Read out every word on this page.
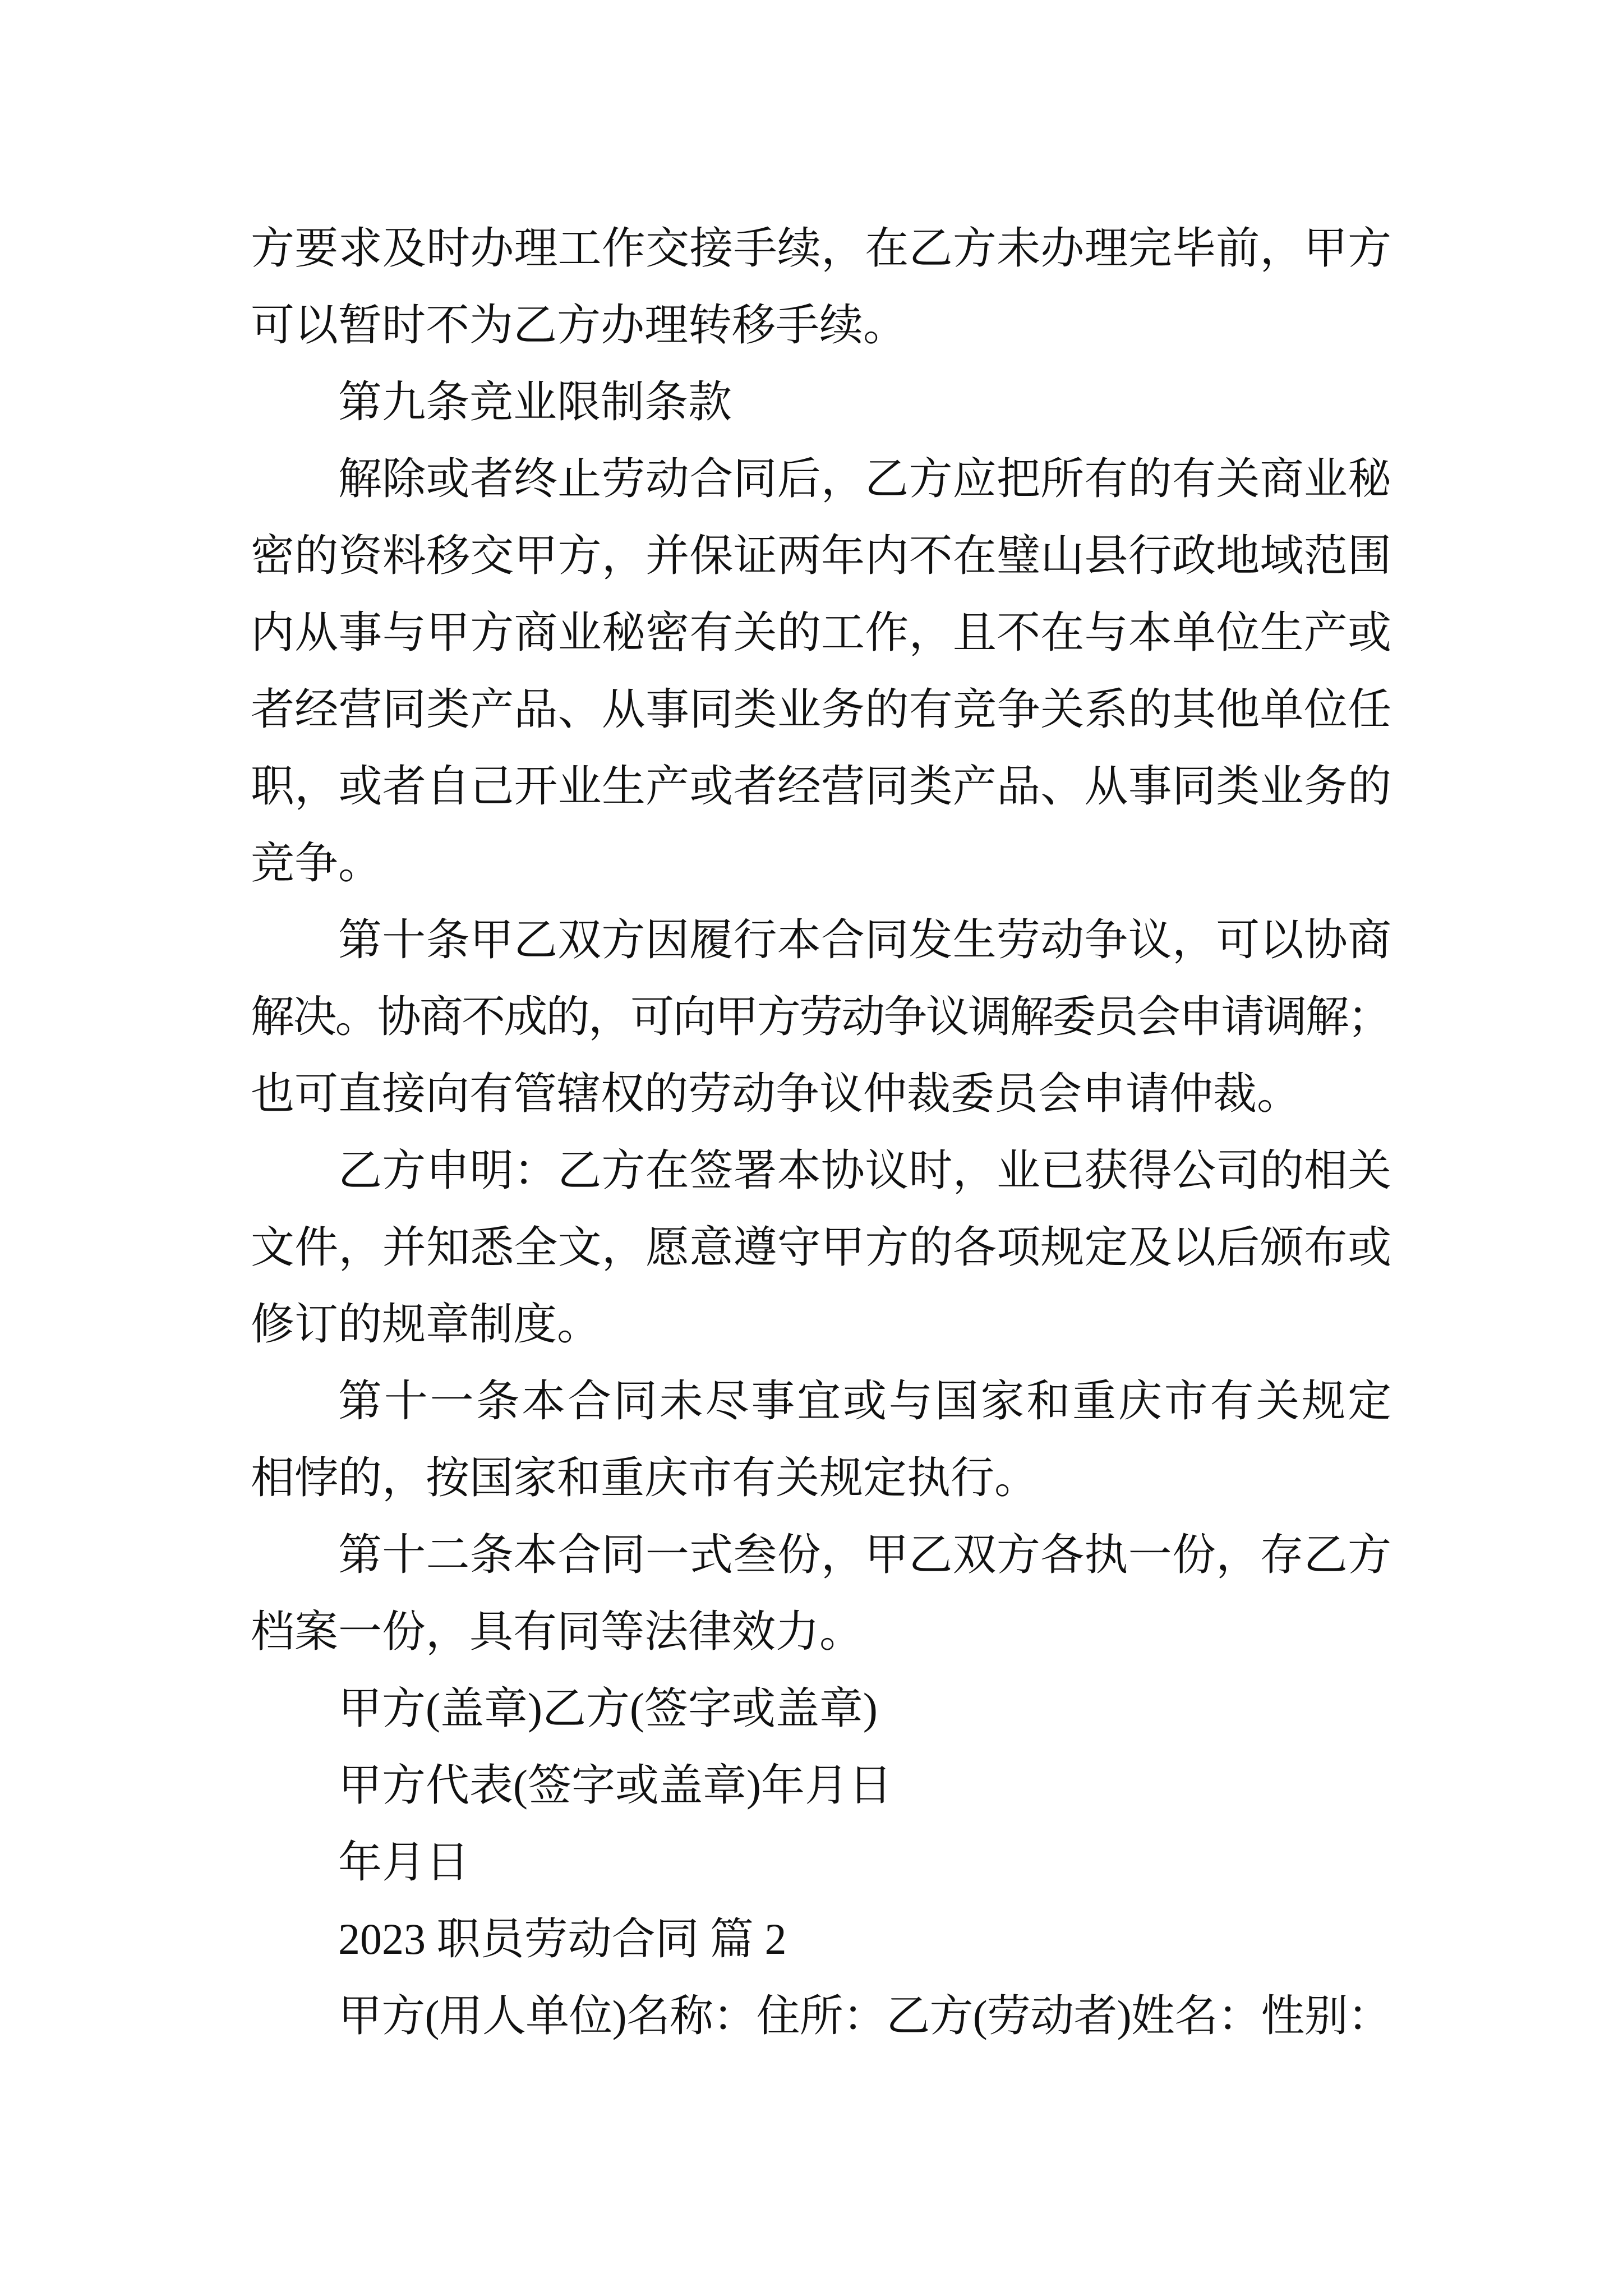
方要求及时办理工作交接手续，在乙方未办理完毕前，甲方
可以暂时不为乙方办理转移手续。

第九条竞业限制条款

解除或者终止劳动合同后，乙方应把所有的有关商业秘
密的资料移交甲方，并保证两年内不在璧山县行政地域范围
内从事与甲方商业秘密有关的工作，且不在与本单位生产或
者经营同类产品、从事同类业务的有竞争关系的其他单位任
职，或者自己开业生产或者经营同类产品、从事同类业务的
竞争。

第十条甲乙双方因履行本合同发生劳动争议，可以协商
解决。协商不成的，可向甲方劳动争议调解委员会申请调解；
也可直接向有管辖权的劳动争议仲裁委员会申请仲裁。

乙方申明：乙方在签署本协议时，业已获得公司的相关
文件，并知悉全文，愿意遵守甲方的各项规定及以后颁布或
修订的规章制度。

第十一条本合同未尽事宜或与国家和重庆市有关规定
相悖的，按国家和重庆市有关规定执行。

第十二条本合同一式叁份，甲乙双方各执一份，存乙方
档案一份，具有同等法律效力。

甲方(盖章)乙方(签字或盖章)

甲方代表(签字或盖章)年月日

年月日

2023 职员劳动合同 篇 2

甲方(用人单位)名称：住所：乙方(劳动者)姓名：性别：
